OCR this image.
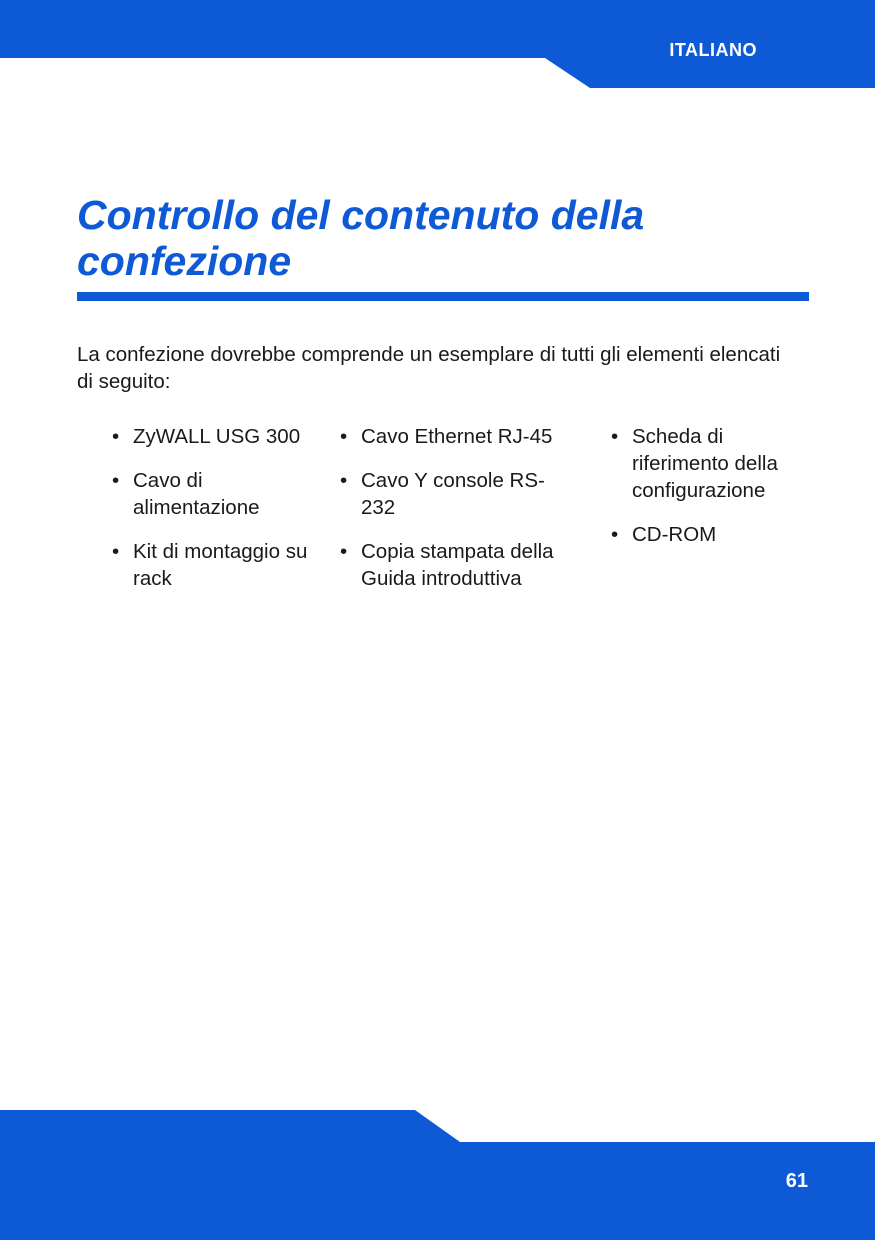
ITALIANO
Controllo del contenuto della confezione

La confezione dovrebbe comprende un esemplare di tutti gli elementi elencati di seguito:

• ZyWALL USG 300
• Cavo di alimentazione
• Kit di montaggio su rack
• Cavo Ethernet RJ-45
• Cavo Y console RS-232
• Copia stampata della Guida introduttiva
• Scheda di riferimento della configurazione
• CD-ROM
61
